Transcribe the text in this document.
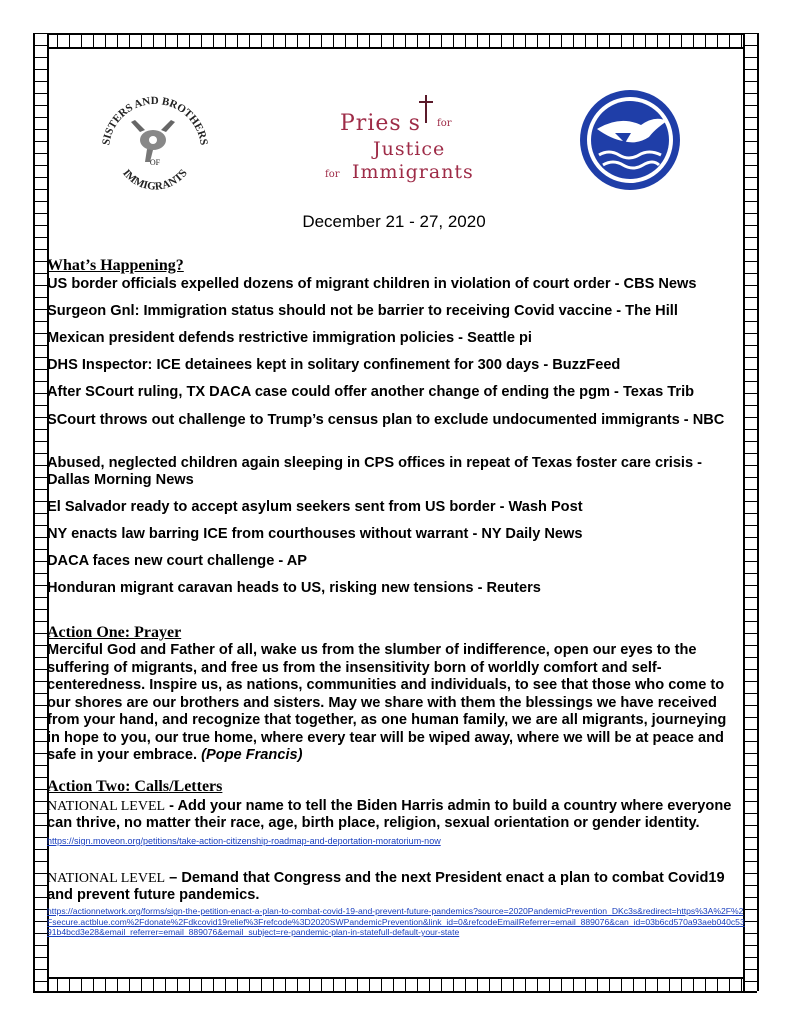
SISTERS AND BROTHERS
IMMIGRANTS
OF
Pries s for
Justice
for Immigrants
December 21 - 27, 2020
What’s Happening?
US border officials expelled dozens of migrant children in violation of court order - CBS News
Surgeon Gnl: Immigration status should not be barrier to receiving Covid vaccine - The Hill
Mexican president defends restrictive immigration policies - Seattle pi
DHS Inspector: ICE detainees kept in solitary confinement for 300 days - BuzzFeed
After SCourt ruling, TX DACA case could offer another change of ending the pgm - Texas Trib
SCourt throws out challenge to Trump’s census plan to exclude undocumented immigrants - NBC
Abused, neglected children again sleeping in CPS offices in repeat of Texas foster care crisis - Dallas Morning News
El Salvador ready to accept asylum seekers sent from US border - Wash Post
NY enacts law barring ICE from courthouses without warrant - NY Daily News
DACA faces new court challenge - AP
Honduran migrant caravan heads to US, risking new tensions - Reuters
Action One: Prayer

Merciful God and Father of all, wake us from the slumber of indifference, open our eyes to the suffering of migrants, and free us from the insensitivity born of worldly comfort and self-centeredness. Inspire us, as nations, communities and individuals, to see that those who come to our shores are our brothers and sisters. May we share with them the blessings we have received from your hand, and recognize that together, as one human family, we are all migrants, journeying in hope to you, our true home, where every tear will be wiped away, where we will be at peace and safe in your embrace. (Pope Francis)

Action Two: Calls/Letters
NATIONAL LEVEL - Add your name to tell the Biden Harris admin to build a country where everyone can thrive, no matter their race, age, birth place, religion, sexual orientation or gender identity. https://sign.moveon.org/petitions/take-action-citizenship-roadmap-and-deportation-moratorium-now
NATIONAL LEVEL – Demand that Congress and the next President enact a plan to combat Covid19 and prevent future pandemics.
https://actionnetwork.org/forms/sign-the-petition-enact-a-plan-to-combat-covid-19-and-prevent-future-pandemics?source=2020PandemicPrevention_DKc3s&redirect=https%3A%2F%2Fsecure.actblue.com%2Fdonate%2Fdkcovid19relief%3Frefcode%3D2020SWPandemicPrevention&link_id=0&refcodeEmailReferrer=email_889076&can_id=03b6cd570a93aeb040c5391b4bcd3e28&email_referrer=email_889076&email_subject=re-pandemic-plan-in-statefull-default-your-state
